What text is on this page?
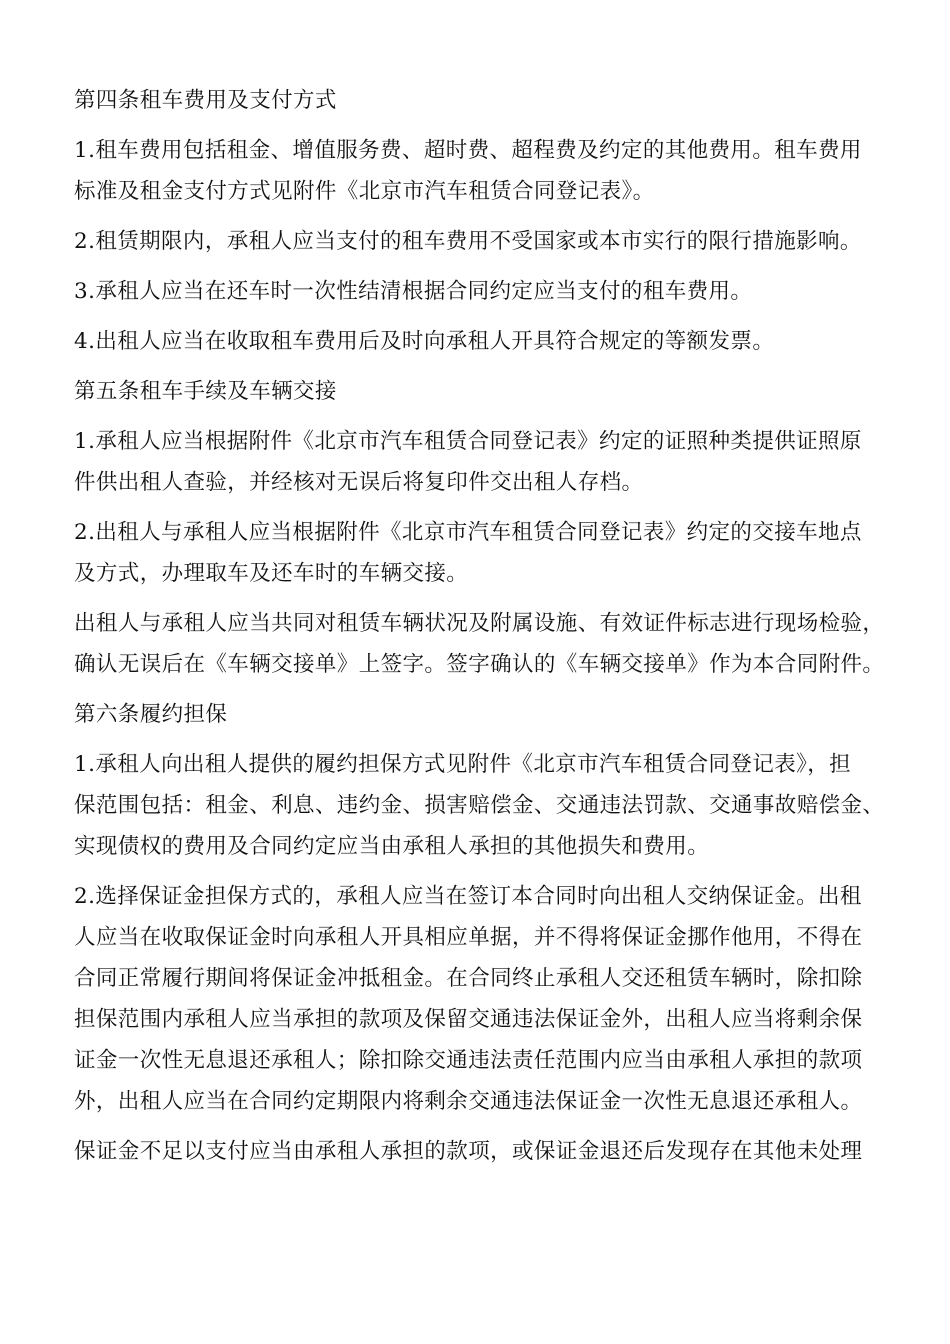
第四条租车费用及支付方式

1.租车费用包括租金、增值服务费、超时费、超程费及约定的其他费用。租车费用
标准及租金支付方式见附件《北京市汽车租赁合同登记表》。

2.租赁期限内，承租人应当支付的租车费用不受国家或本市实行的限行措施影响。

3.承租人应当在还车时一次性结清根据合同约定应当支付的租车费用。

4.出租人应当在收取租车费用后及时向承租人开具符合规定的等额发票。

第五条租车手续及车辆交接

1.承租人应当根据附件《北京市汽车租赁合同登记表》约定的证照种类提供证照原
件供出租人查验，并经核对无误后将复印件交出租人存档。

2.出租人与承租人应当根据附件《北京市汽车租赁合同登记表》约定的交接车地点
及方式，办理取车及还车时的车辆交接。

出租人与承租人应当共同对租赁车辆状况及附属设施、有效证件标志进行现场检验，
确认无误后在《车辆交接单》上签字。签字确认的《车辆交接单》作为本合同附件。

第六条履约担保

1.承租人向出租人提供的履约担保方式见附件《北京市汽车租赁合同登记表》，担
保范围包括：租金、利息、违约金、损害赔偿金、交通违法罚款、交通事故赔偿金、
实现债权的费用及合同约定应当由承租人承担的其他损失和费用。

2.选择保证金担保方式的，承租人应当在签订本合同时向出租人交纳保证金。出租
人应当在收取保证金时向承租人开具相应单据，并不得将保证金挪作他用，不得在
合同正常履行期间将保证金冲抵租金。在合同终止承租人交还租赁车辆时，除扣除
担保范围内承租人应当承担的款项及保留交通违法保证金外，出租人应当将剩余保
证金一次性无息退还承租人；除扣除交通违法责任范围内应当由承租人承担的款项
外，出租人应当在合同约定期限内将剩余交通违法保证金一次性无息退还承租人。

保证金不足以支付应当由承租人承担的款项，或保证金退还后发现存在其他未处理
